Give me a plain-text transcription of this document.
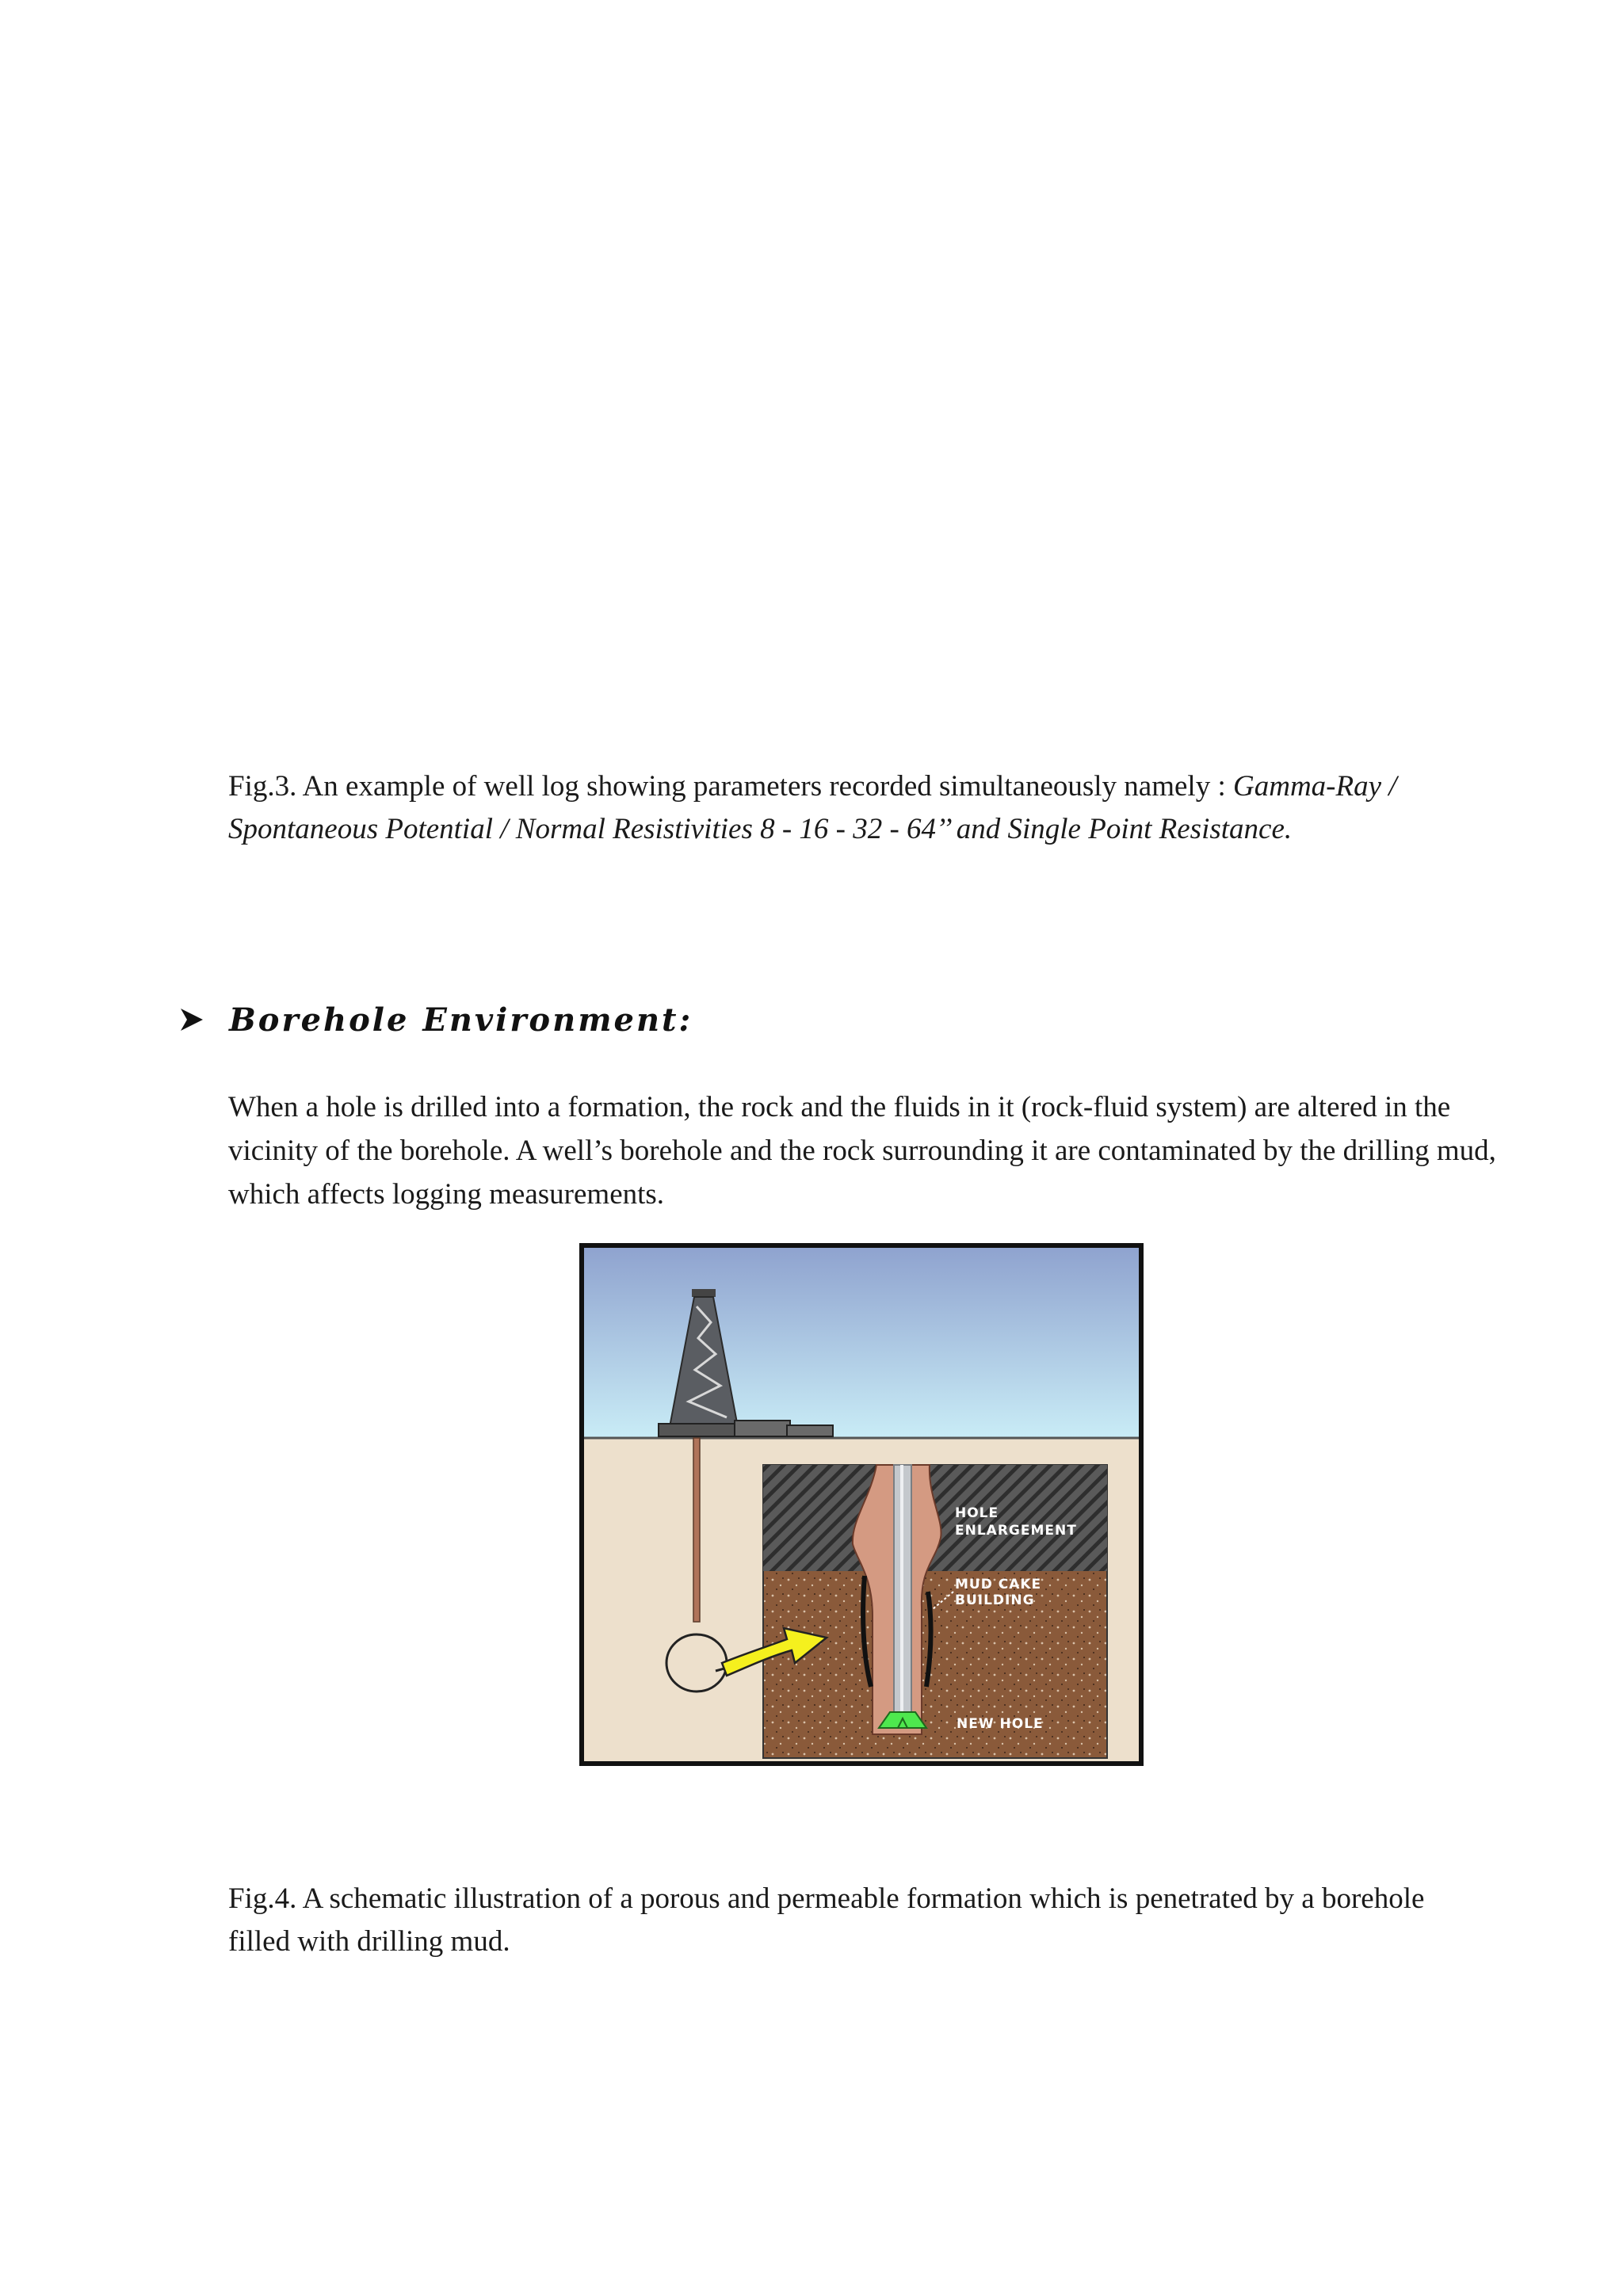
Fig.3. An example of well log showing parameters recorded simultaneously namely : Gamma-Ray / Spontaneous Potential / Normal Resistivities 8 - 16 - 32 - 64’’ and Single Point Resistance.
Borehole Environment:
When a hole is drilled into a formation, the rock and the fluids in it (rock-fluid system) are altered in the vicinity of the borehole. A well’s borehole and the rock surrounding it are contaminated by the drilling mud, which affects logging measurements.
HOLE
ENLARGEMENT
MUD CAKE
BUILDING
NEW HOLE
Fig.4. A schematic illustration of a porous and permeable formation which is penetrated by a borehole filled with drilling mud.
